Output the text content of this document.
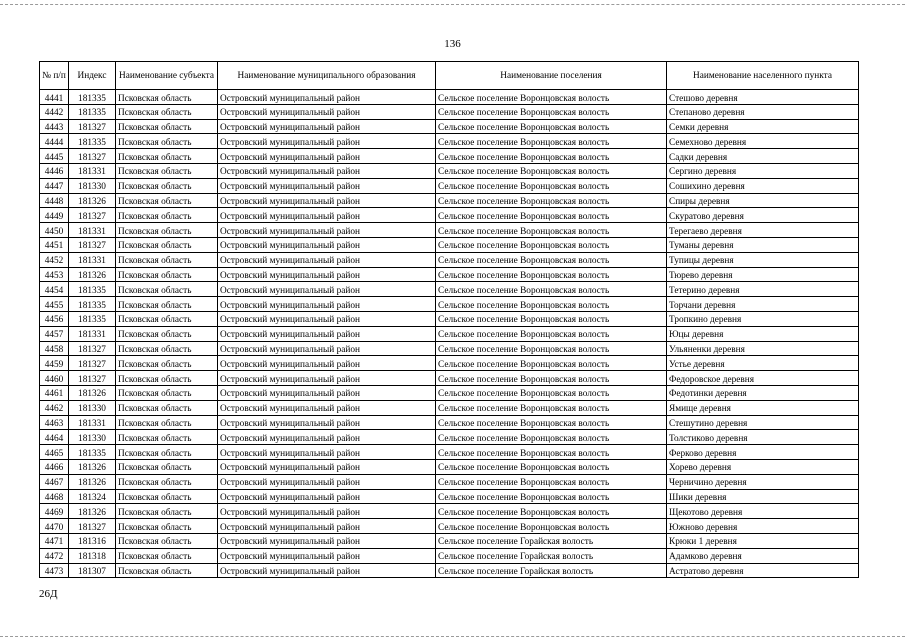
136
№ п/п	Индекс	Наименование субъекта	Наименование муниципального образования	Наименование поселения	Наименование населенного пункта
4441	181335	Псковская область	Островский муниципальный район	Сельское поселение Воронцовская волость	Стешово деревня
4442	181335	Псковская область	Островский муниципальный район	Сельское поселение Воронцовская волость	Степаново деревня
4443	181327	Псковская область	Островский муниципальный район	Сельское поселение Воронцовская волость	Семки деревня
4444	181335	Псковская область	Островский муниципальный район	Сельское поселение Воронцовская волость	Семехново деревня
4445	181327	Псковская область	Островский муниципальный район	Сельское поселение Воронцовская волость	Садки деревня
4446	181331	Псковская область	Островский муниципальный район	Сельское поселение Воронцовская волость	Сергино деревня
4447	181330	Псковская область	Островский муниципальный район	Сельское поселение Воронцовская волость	Сошихино деревня
4448	181326	Псковская область	Островский муниципальный район	Сельское поселение Воронцовская волость	Спиры деревня
4449	181327	Псковская область	Островский муниципальный район	Сельское поселение Воронцовская волость	Скуратово деревня
4450	181331	Псковская область	Островский муниципальный район	Сельское поселение Воронцовская волость	Терегаево деревня
4451	181327	Псковская область	Островский муниципальный район	Сельское поселение Воронцовская волость	Туманы деревня
4452	181331	Псковская область	Островский муниципальный район	Сельское поселение Воронцовская волость	Тупицы деревня
4453	181326	Псковская область	Островский муниципальный район	Сельское поселение Воронцовская волость	Тюрево деревня
4454	181335	Псковская область	Островский муниципальный район	Сельское поселение Воронцовская волость	Тетерино деревня
4455	181335	Псковская область	Островский муниципальный район	Сельское поселение Воронцовская волость	Торчани деревня
4456	181335	Псковская область	Островский муниципальный район	Сельское поселение Воронцовская волость	Тропкино деревня
4457	181331	Псковская область	Островский муниципальный район	Сельское поселение Воронцовская волость	Юцы деревня
4458	181327	Псковская область	Островский муниципальный район	Сельское поселение Воронцовская волость	Ульяненки деревня
4459	181327	Псковская область	Островский муниципальный район	Сельское поселение Воронцовская волость	Устье деревня
4460	181327	Псковская область	Островский муниципальный район	Сельское поселение Воронцовская волость	Федоровское деревня
4461	181326	Псковская область	Островский муниципальный район	Сельское поселение Воронцовская волость	Федотинки деревня
4462	181330	Псковская область	Островский муниципальный район	Сельское поселение Воронцовская волость	Ямище деревня
4463	181331	Псковская область	Островский муниципальный район	Сельское поселение Воронцовская волость	Стешутино деревня
4464	181330	Псковская область	Островский муниципальный район	Сельское поселение Воронцовская волость	Толстиково деревня
4465	181335	Псковская область	Островский муниципальный район	Сельское поселение Воронцовская волость	Ферково деревня
4466	181326	Псковская область	Островский муниципальный район	Сельское поселение Воронцовская волость	Хорево деревня
4467	181326	Псковская область	Островский муниципальный район	Сельское поселение Воронцовская волость	Черничино деревня
4468	181324	Псковская область	Островский муниципальный район	Сельское поселение Воронцовская волость	Шики деревня
4469	181326	Псковская область	Островский муниципальный район	Сельское поселение Воронцовская волость	Щекотово деревня
4470	181327	Псковская область	Островский муниципальный район	Сельское поселение Воронцовская волость	Южново деревня
4471	181316	Псковская область	Островский муниципальный район	Сельское поселение Горайская волость	Крюки 1 деревня
4472	181318	Псковская область	Островский муниципальный район	Сельское поселение Горайская волость	Адамково деревня
4473	181307	Псковская область	Островский муниципальный район	Сельское поселение Горайская волость	Астратово деревня
26Д
